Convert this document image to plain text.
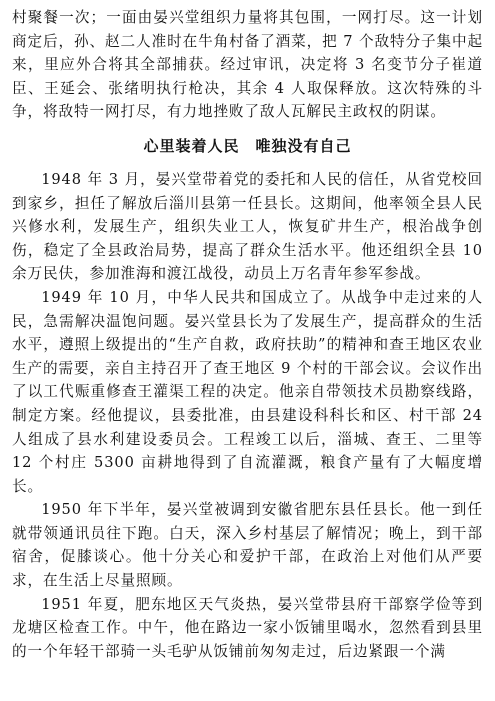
村聚餐一次；一面由晏兴堂组织力量将其包围，一网打尽。这一计划商定后，孙、赵二人准时在牛角村备了酒菜，把 7 个敌特分子集中起来，里应外合将其全部捕获。经过审讯，决定将 3 名变节分子崔道臣、王延会、张绪明执行枪决，其余 4 人取保释放。这次特殊的斗争，将敌特一网打尽，有力地挫败了敌人瓦解民主政权的阴谋。

心里装着人民　唯独没有自己

1948 年 3 月，晏兴堂带着党的委托和人民的信任，从省党校回到家乡，担任了解放后淄川县第一任县长。这期间，他率领全县人民兴修水利，发展生产，组织失业工人，恢复矿井生产，根治战争创伤，稳定了全县政治局势，提高了群众生活水平。他还组织全县 10 余万民伕，参加淮海和渡江战役，动员上万名青年参军参战。

1949 年 10 月，中华人民共和国成立了。从战争中走过来的人民，急需解决温饱问题。晏兴堂县长为了发展生产，提高群众的生活水平，遵照上级提出的“生产自救，政府扶助”的精神和查王地区农业生产的需要，亲自主持召开了查王地区 9 个村的干部会议。会议作出了以工代赈重修查王灌渠工程的决定。他亲自带领技术员勘察线路，制定方案。经他提议，县委批准，由县建设科科长和区、村干部 24 人组成了县水利建设委员会。工程竣工以后，淄城、查王、二里等 12 个村庄 5300 亩耕地得到了自流灌溉，粮食产量有了大幅度增长。

1950 年下半年，晏兴堂被调到安徽省肥东县任县长。他一到任就带领通讯员往下跑。白天，深入乡村基层了解情况；晚上，到干部宿舍，促膝谈心。他十分关心和爱护干部，在政治上对他们从严要求，在生活上尽量照顾。

1951 年夏，肥东地区天气炎热，晏兴堂带县府干部察学俭等到龙塘区检查工作。中午，他在路边一家小饭铺里喝水，忽然看到县里的一个年轻干部骑一头毛驴从饭铺前匆匆走过，后边紧跟一个满
